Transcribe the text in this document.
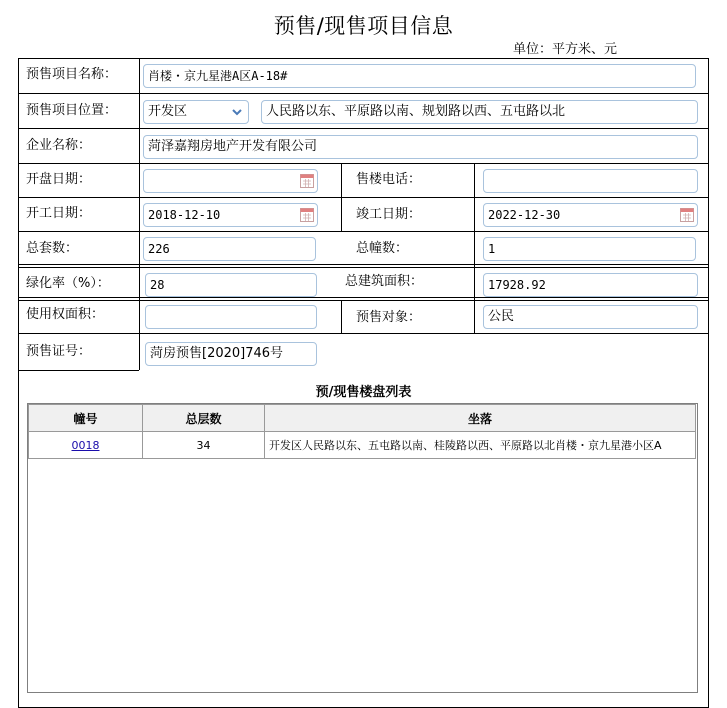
预售/现售项目信息
单位：平方米、元
预售项目名称：	肖楼・京九星港A区A-18#
预售项目位置：	开发区	人民路以东、平原路以南、规划路以西、五屯路以北
企业名称：	菏泽嘉翔房地产开发有限公司
开盘日期：	售楼电话：
开工日期：	2018-12-10	竣工日期：	2022-12-30
总套数：	226	总幢数：	1
绿化率（%）：	28	总建筑面积：	17928.92
使用权面积：	预售对象：	公民
预售证号：	菏房预售[2020]746号
预/现售楼盘列表
幢号	总层数	坐落
0018	34	开发区人民路以东、五屯路以南、桂陵路以西、平原路以北肖楼・京九星港小区A
